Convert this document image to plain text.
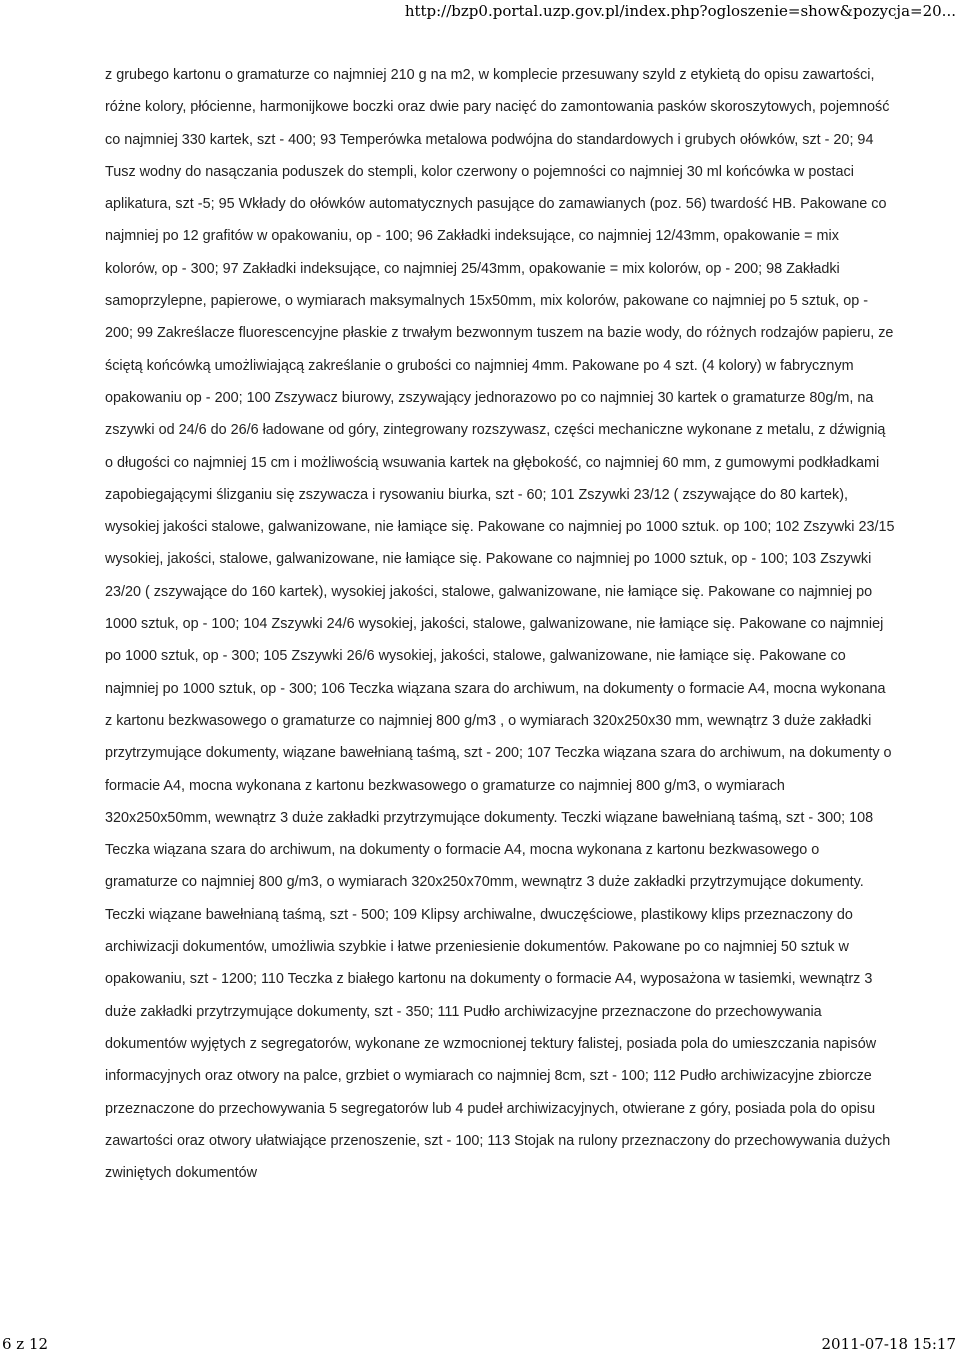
http://bzp0.portal.uzp.gov.pl/index.php?ogloszenie=show&pozycja=20...

z grubego kartonu o gramaturze co najmniej 210 g na m2, w komplecie przesuwany szyld z etykietą do opisu zawartości, różne kolory, płócienne, harmonijkowe boczki oraz dwie pary nacięć do zamontowania pasków skoroszytowych, pojemność co najmniej 330 kartek, szt - 400; 93 Temperówka metalowa podwójna do standardowych i grubych ołówków, szt - 20; 94 Tusz wodny do nasączania poduszek do stempli, kolor czerwony o pojemności co najmniej 30 ml końcówka w postaci aplikatura, szt -5; 95 Wkłady do ołówków automatycznych pasujące do zamawianych (poz. 56) twardość HB. Pakowane co najmniej po 12 grafitów w opakowaniu, op - 100; 96 Zakładki indeksujące, co najmniej 12/43mm, opakowanie = mix kolorów, op - 300; 97 Zakładki indeksujące, co najmniej 25/43mm, opakowanie = mix kolorów, op - 200; 98 Zakładki samoprzylepne, papierowe, o wymiarach maksymalnych 15x50mm, mix kolorów, pakowane co najmniej po 5 sztuk, op - 200; 99 Zakreślacze fluorescencyjne płaskie z trwałym bezwonnym tuszem na bazie wody, do różnych rodzajów papieru, ze ściętą końcówką umożliwiającą zakreślanie o grubości co najmniej 4mm. Pakowane po 4 szt. (4 kolory) w fabrycznym opakowaniu op - 200; 100 Zszywacz biurowy, zszywający jednorazowo po co najmniej 30 kartek o gramaturze 80g/m, na zszywki od 24/6 do 26/6 ładowane od góry, zintegrowany rozszywasz, części mechaniczne wykonane z metalu, z dźwignią o długości co najmniej 15 cm i możliwością wsuwania kartek na głębokość, co najmniej 60 mm, z gumowymi podkładkami zapobiegającymi ślizganiu się zszywacza i rysowaniu biurka, szt - 60; 101 Zszywki 23/12 ( zszywające do 80 kartek), wysokiej jakości stalowe, galwanizowane, nie łamiące się. Pakowane co najmniej po 1000 sztuk. op 100; 102 Zszywki 23/15 wysokiej, jakości, stalowe, galwanizowane, nie łamiące się. Pakowane co najmniej po 1000 sztuk, op - 100; 103 Zszywki 23/20 ( zszywające do 160 kartek), wysokiej jakości, stalowe, galwanizowane, nie łamiące się. Pakowane co najmniej po 1000 sztuk, op - 100; 104 Zszywki 24/6 wysokiej, jakości, stalowe, galwanizowane, nie łamiące się. Pakowane co najmniej po 1000 sztuk, op - 300; 105 Zszywki 26/6 wysokiej, jakości, stalowe, galwanizowane, nie łamiące się. Pakowane co najmniej po 1000 sztuk, op - 300; 106 Teczka wiązana szara do archiwum, na dokumenty o formacie A4, mocna wykonana z kartonu bezkwasowego o gramaturze co najmniej 800 g/m3 , o wymiarach 320x250x30 mm, wewnątrz 3 duże zakładki przytrzymujące dokumenty, wiązane bawełnianą taśmą, szt - 200; 107 Teczka wiązana szara do archiwum, na dokumenty o formacie A4, mocna wykonana z kartonu bezkwasowego o gramaturze co najmniej 800 g/m3, o wymiarach 320x250x50mm, wewnątrz 3 duże zakładki przytrzymujące dokumenty. Teczki wiązane bawełnianą taśmą, szt - 300; 108 Teczka wiązana szara do archiwum, na dokumenty o formacie A4, mocna wykonana z kartonu bezkwasowego o gramaturze co najmniej 800 g/m3, o wymiarach 320x250x70mm, wewnątrz 3 duże zakładki przytrzymujące dokumenty. Teczki wiązane bawełnianą taśmą, szt - 500; 109 Klipsy archiwalne, dwuczęściowe, plastikowy klips przeznaczony do archiwizacji dokumentów, umożliwia szybkie i łatwe przeniesienie dokumentów. Pakowane po co najmniej 50 sztuk w opakowaniu, szt - 1200; 110 Teczka z białego kartonu na dokumenty o formacie A4, wyposażona w tasiemki, wewnątrz 3 duże zakładki przytrzymujące dokumenty, szt - 350; 111 Pudło archiwizacyjne przeznaczone do przechowywania dokumentów wyjętych z segregatorów, wykonane ze wzmocnionej tektury falistej, posiada pola do umieszczania napisów informacyjnych oraz otwory na palce, grzbiet o wymiarach co najmniej 8cm, szt - 100; 112 Pudło archiwizacyjne zbiorcze przeznaczone do przechowywania 5 segregatorów lub 4 pudeł archiwizacyjnych, otwierane z góry, posiada pola do opisu zawartości oraz otwory ułatwiające przenoszenie, szt - 100; 113 Stojak na rulony przeznaczony do przechowywania dużych zwiniętych dokumentów

6 z 12	2011-07-18 15:17
